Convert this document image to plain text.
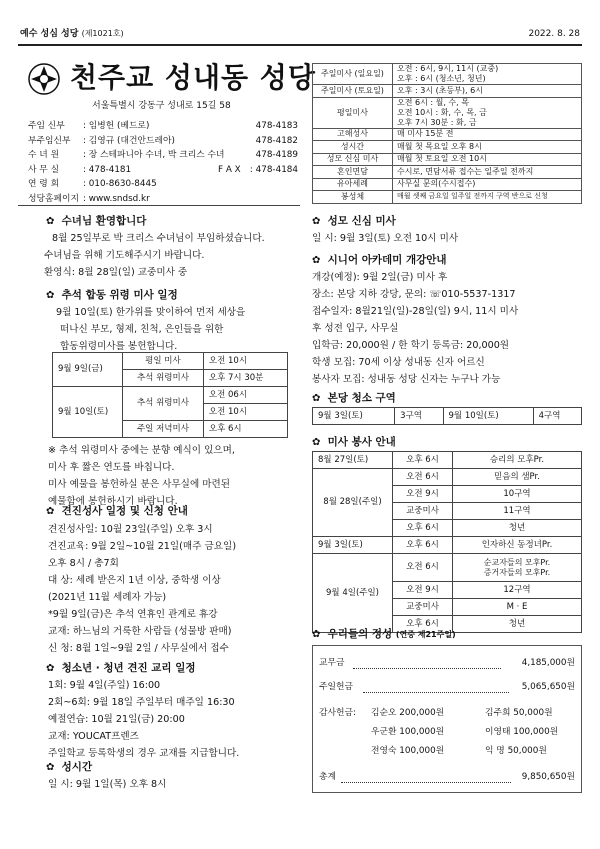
예수 성심 성당 (제1021호)	2022. 8. 28
천주교 성내동 성당
서울특별시 강동구 성내로 15길 58
주임 신부 : 임병헌 (베드로)	478-4183
부주임신부 : 김영규 (대건안드레아)	478-4182
수 녀 원	: 장 스테파니아 수녀, 박 크리스 수녀	478-4189
사 무 실	: 478-4181	F A X : 478-4184
연 령 회	: 010-8630-8445
성당홈페이지 : www.sndsd.kr
주일미사 (일요일)	오전 : 6시, 9시, 11시 (교중)
오후 : 6시 (청소년, 청년)

주일미사 (토요일)	오후 : 3시 (초등부), 6시
평일미사	오전 6시 : 월, 수, 목
오전 10시 : 화, 수, 목, 금
오후 7시 30분 : 화, 금

고해성사	매 미사 15분 전
성시간	매월 첫 목요일 오후 8시
성모 신심 미사	매월 첫 토요일 오전 10시
혼인면담	수시로, 면담서류 접수는 일주일 전까지
유아세례	사무실 문의(수시접수)
봉성체	매월 셋째 금요일 일주일 전까지 구역 반으로 신청
✿ 수녀님 환영합니다
8월 25일부로 박 크리스 수녀님이 부임하셨습니다.
수녀님을 위해 기도해주시기 바랍니다.
환영식: 8월 28일(일) 교중미사 중
✿ 추석 합동 위령 미사 일정
9월 10일(토) 한가위를 맞이하여 먼저 세상을
떠나신 부모, 형제, 친척, 은인들을 위한
합동위령미사를 봉헌합니다.
9월 9일(금)	평일 미사	오전 10시
	추석 위령미사	오후 7시 30분
9월 10일(토)	추석 위령미사	오전 06시
		오전 10시
	주일 저녁미사	오후 6시
※ 추석 위령미사 중에는 분향 예식이 있으며,
미사 후 짧은 연도를 바칩니다.
미사 예물을 봉헌하실 분은 사무실에 마련된
예물함에 봉헌하시기 바랍니다.
✿ 견진성사 일정 및 신청 안내
견진성사일: 10월 23일(주일) 오후 3시
견진교육: 9월 2일~10월 21일(매주 금요일)
오후 8시 / 총7회
대 상: 세례 받은지 1년 이상, 중학생 이상
(2021년 11월 세례자 가능)
*9월 9일(금)은 추석 연휴인 관계로 휴강
교재: 하느님의 거룩한 사람들 (성물방 판매)
신 청: 8월 1일~9월 2일 / 사무실에서 접수
✿ 청소년 · 청년 견진 교리 일정
1회: 9월 4일(주일) 16:00
2회~6회: 9월 18일 주일부터 매주일 16:30
예절연습: 10월 21일(금) 20:00
교재: YOUCAT프렌즈
주일학교 등록학생의 경우 교재를 지급합니다.
✿ 성시간
일 시: 9월 1일(목) 오후 8시
✿ 성모 신심 미사
일 시: 9월 3일(토) 오전 10시 미사
✿ 시니어 아카데미 개강안내
개강(예정): 9월 2일(금) 미사 후
장소: 본당 지하 강당, 문의: ☏010-5537-1317
접수일자: 8월21일(일)-28일(일) 9시, 11시 미사
후 성전 입구, 사무실
입학금: 20,000원 / 한 학기 등록금: 20,000원
학생 모집: 70세 이상 성내동 신자 어르신
봉사자 모집: 성내동 성당 신자는 누구나 가능
✿ 본당 청소 구역
9월 3일(토)	3구역	9월 10일(토)	4구역
✿ 미사 봉사 안내
8월 27일(토)	오후 6시	승리의 모후Pr.
8월 28일(주일)	오전 6시	믿음의 샘Pr.
	오전 9시	10구역
	교중미사	11구역
	오후 6시	청년
9월 3일(토)	오후 6시	인자하신 동정녀Pr.
9월 4일(주일)	오전 6시	순교자들의 모후Pr.
증거자들의 모후Pr.
	오전 9시	12구역
	교중미사	M · E
	오후 6시	청년
✿ 우리들의 정성 (연중 제21주일)
교무금	4,185,000원
주일헌금	5,065,650원
감사헌금: 김순오 200,000원	김주희 50,000원
우군환 100,000원	이영태 100,000원
전영숙 100,000원	익 명 50,000원
총계	9,850,650원
